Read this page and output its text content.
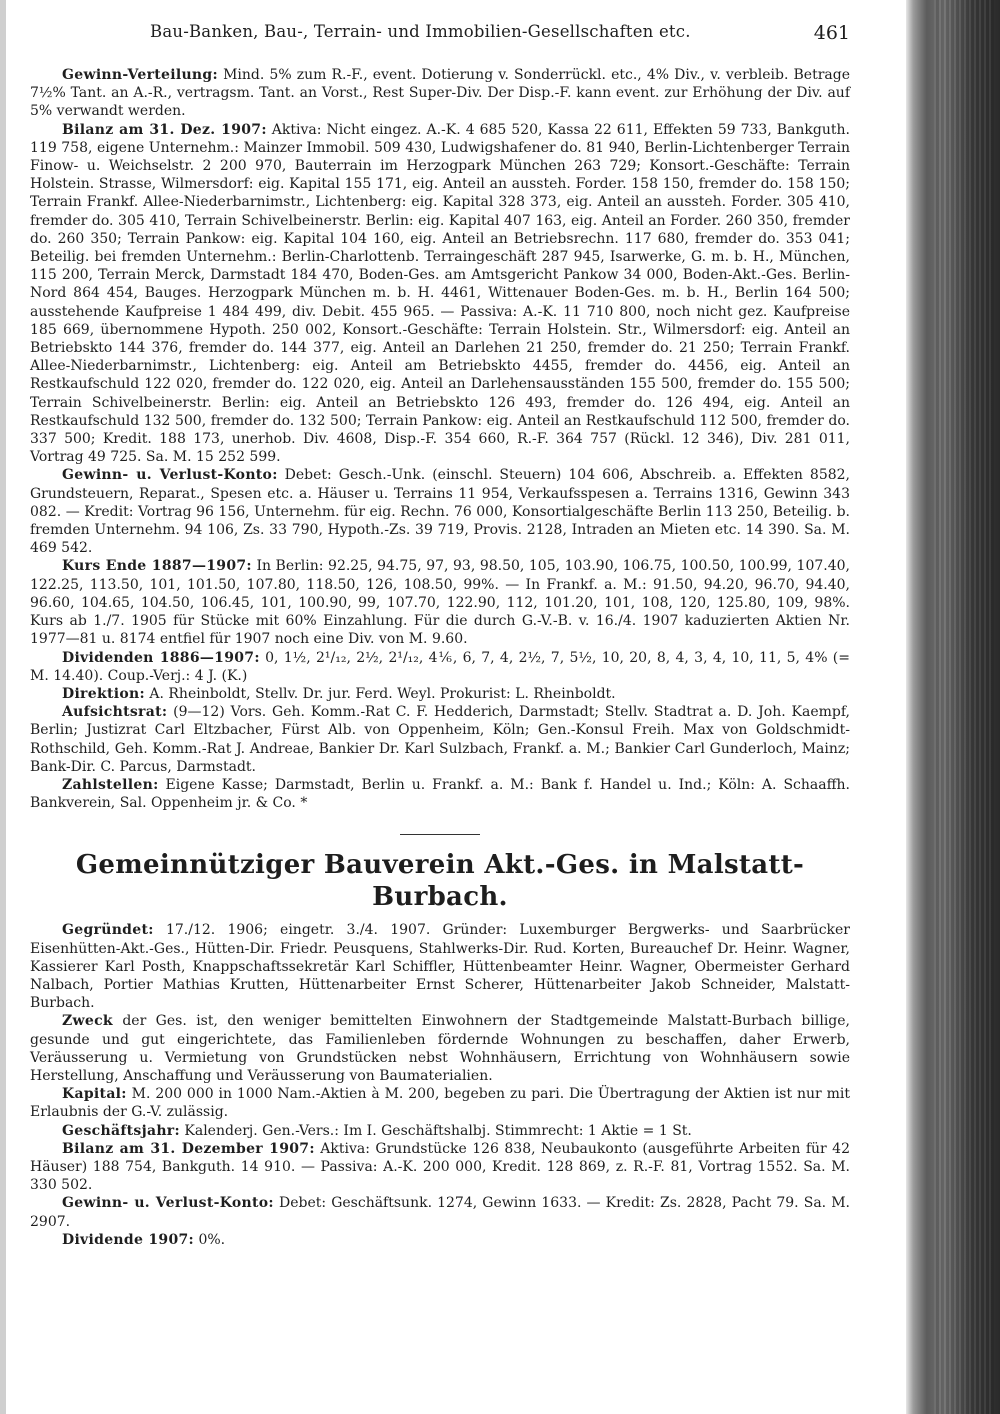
Bau-Banken, Bau-, Terrain- und Immobilien-Gesellschaften etc.	461

Gewinn-Verteilung: Mind. 5% zum R.-F., event. Dotierung v. Sonderrückl. etc., 4% Div., v. verbleib. Betrage 7½% Tant. an A.-R., vertragsm. Tant. an Vorst., Rest Super-Div. Der Disp.-F. kann event. zur Erhöhung der Div. auf 5% verwandt werden.

Bilanz am 31. Dez. 1907: Aktiva: Nicht eingez. A.-K. 4 685 520, Kassa 22 611, Effekten 59 733, Bankguth. 119 758, eigene Unternehm.: Mainzer Immobil. 509 430, Ludwigshafener do. 81 940, Berlin-Lichtenberger Terrain Finow- u. Weichselstr. 2 200 970, Bauterrain im Herzogpark München 263 729; Konsort.-Geschäfte: Terrain Holstein. Strasse, Wilmersdorf: eig. Kapital 155 171, eig. Anteil an ausstеh. Forder. 158 150, fremder do. 158 150; Terrain Frankf. Allee-Niederbarnimstr., Lichtenberg: eig. Kapital 328 373, eig. Anteil an ausstеh. Forder. 305 410, fremder do. 305 410, Terrain Schivelbeinerstr. Berlin: eig. Kapital 407 163, eig. Anteil an Forder. 260 350, fremder do. 260 350; Terrain Pankow: eig. Kapital 104 160, eig. Anteil an Betriebsrechn. 117 680, fremder do. 353 041; Beteilig. bei fremden Unternehm.: Berlin-Charlottenb. Terraingeschäft 287 945, Isarwerke, G. m. b. H., München, 115 200, Terrain Merck, Darmstadt 184 470, Boden-Ges. am Amtsgericht Pankow 34 000, Boden-Akt.-Ges. Berlin-Nord 864 454, Bauges. Herzogpark München m. b. H. 4461, Wittenauer Boden-Ges. m. b. H., Berlin 164 500; ausstehende Kaufpreise 1 484 499, div. Debit. 455 965. — Passiva: A.-K. 11 710 800, noch nicht gez. Kaufpreise 185 669, übernommene Hypoth. 250 002, Konsort.-Geschäfte: Terrain Holstein. Str., Wilmersdorf: eig. Anteil an Betriebskto 144 376, fremder do. 144 377, eig. Anteil an Darlehen 21 250, fremder do. 21 250; Terrain Frankf. Allee-Niederbarnimstr., Lichtenberg: eig. Anteil am Betriebskto 4455, fremder do. 4456, eig. Anteil an Restkaufschuld 122 020, fremder do. 122 020, eig. Anteil an Darlehensausständen 155 500, fremder do. 155 500; Terrain Schivelbeinerstr. Berlin: eig. Anteil an Betriebskto 126 493, fremder do. 126 494, eig. Anteil an Restkaufschuld 132 500, fremder do. 132 500; Terrain Pankow: eig. Anteil an Restkaufschuld 112 500, fremder do. 337 500; Kredit. 188 173, unerhob. Div. 4608, Disp.-F. 354 660, R.-F. 364 757 (Rückl. 12 346), Div. 281 011, Vortrag 49 725. Sa. M. 15 252 599.

Gewinn- u. Verlust-Konto: Debet: Gesch.-Unk. (einschl. Steuern) 104 606, Abschreib. a. Effekten 8582, Grundsteuern, Reparat., Spesen etc. a. Häuser u. Terrains 11 954, Verkaufsspesen a. Terrains 1316, Gewinn 343 082. — Kredit: Vortrag 96 156, Unternehm. für eig. Rechn. 76 000, Konsortialgeschäfte Berlin 113 250, Beteilig. b. fremden Unternehm. 94 106, Zs. 33 790, Hypoth.-Zs. 39 719, Provis. 2128, Intraden an Mieten etc. 14 390. Sa. M. 469 542.

Kurs Ende 1887—1907: In Berlin: 92.25, 94.75, 97, 93, 98.50, 105, 103.90, 106.75, 100.50, 100.99, 107.40, 122.25, 113.50, 101, 101.50, 107.80, 118.50, 126, 108.50, 99%. — In Frankf. a. M.: 91.50, 94.20, 96.70, 94.40, 96.60, 104.65, 104.50, 106.45, 101, 100.90, 99, 107.70, 122.90, 112, 101.20, 101, 108, 120, 125.80, 109, 98%. Kurs ab 1./7. 1905 für Stücke mit 60% Einzahlung. Für die durch G.-V.-B. v. 16./4. 1907 kaduzierten Aktien Nr. 1977—81 u. 8174 entfiel für 1907 noch eine Div. von M. 9.60.

Dividenden 1886—1907: 0, 1½, 2¹/₁₂, 2½, 2¹/₁₂, 4⅙, 6, 7, 4, 2½, 7, 5½, 10, 20, 8, 4, 3, 4, 10, 11, 5, 4% (= M. 14.40). Coup.-Verj.: 4 J. (K.)

Direktion: A. Rheinboldt, Stellv. Dr. jur. Ferd. Weyl. Prokurist: L. Rheinboldt.

Aufsichtsrat: (9—12) Vors. Geh. Komm.-Rat C. F. Hedderich, Darmstadt; Stellv. Stadtrat a. D. Joh. Kaempf, Berlin; Justizrat Carl Eltzbacher, Fürst Alb. von Oppenheim, Köln; Gen.-Konsul Freih. Max von Goldschmidt-Rothschild, Geh. Komm.-Rat J. Andreae, Bankier Dr. Karl Sulzbach, Frankf. a. M.; Bankier Carl Gunderloch, Mainz; Bank-Dir. C. Parcus, Darmstadt.

Zahlstellen: Eigene Kasse; Darmstadt, Berlin u. Frankf. a. M.: Bank f. Handel u. Ind.; Köln: A. Schaaffh. Bankverein, Sal. Oppenheim jr. & Co. *

Gemeinnütziger Bauverein Akt.-Ges. in Malstatt-Burbach.

Gegründet: 17./12. 1906; eingetr. 3./4. 1907. Gründer: Luxemburger Bergwerks- und Saarbrücker Eisenhütten-Akt.-Ges., Hütten-Dir. Friedr. Peusquens, Stahlwerks-Dir. Rud. Korten, Bureauchef Dr. Heinr. Wagner, Kassierer Karl Posth, Knappschaftssekretär Karl Schiffler, Hüttenbeamter Heinr. Wagner, Obermeister Gerhard Nalbach, Portier Mathias Krutten, Hüttenarbeiter Ernst Scherer, Hüttenarbeiter Jakob Schneider, Malstatt-Burbach.

Zweck der Ges. ist, den weniger bemittelten Einwohnern der Stadtgemeinde Malstatt-Burbach billige, gesunde und gut eingerichtete, das Familienleben fördernde Wohnungen zu beschaffen, daher Erwerb, Veräusserung u. Vermietung von Grundstücken nebst Wohnhäusern, Errichtung von Wohnhäusern sowie Herstellung, Anschaffung und Veräusserung von Baumaterialien.

Kapital: M. 200 000 in 1000 Nam.-Aktien à M. 200, begeben zu pari. Die Übertragung der Aktien ist nur mit Erlaubnis der G.-V. zulässig.

Geschäftsjahr: Kalenderj. Gen.-Vers.: Im I. Geschäftshalbj. Stimmrecht: 1 Aktie = 1 St.

Bilanz am 31. Dezember 1907: Aktiva: Grundstücke 126 838, Neubaukonto (ausgeführte Arbeiten für 42 Häuser) 188 754, Bankguth. 14 910. — Passiva: A.-K. 200 000, Kredit. 128 869, z. R.-F. 81, Vortrag 1552. Sa. M. 330 502.

Gewinn- u. Verlust-Konto: Debet: Geschäftsunk. 1274, Gewinn 1633. — Kredit: Zs. 2828, Pacht 79. Sa. M. 2907.

Dividende 1907: 0%.
